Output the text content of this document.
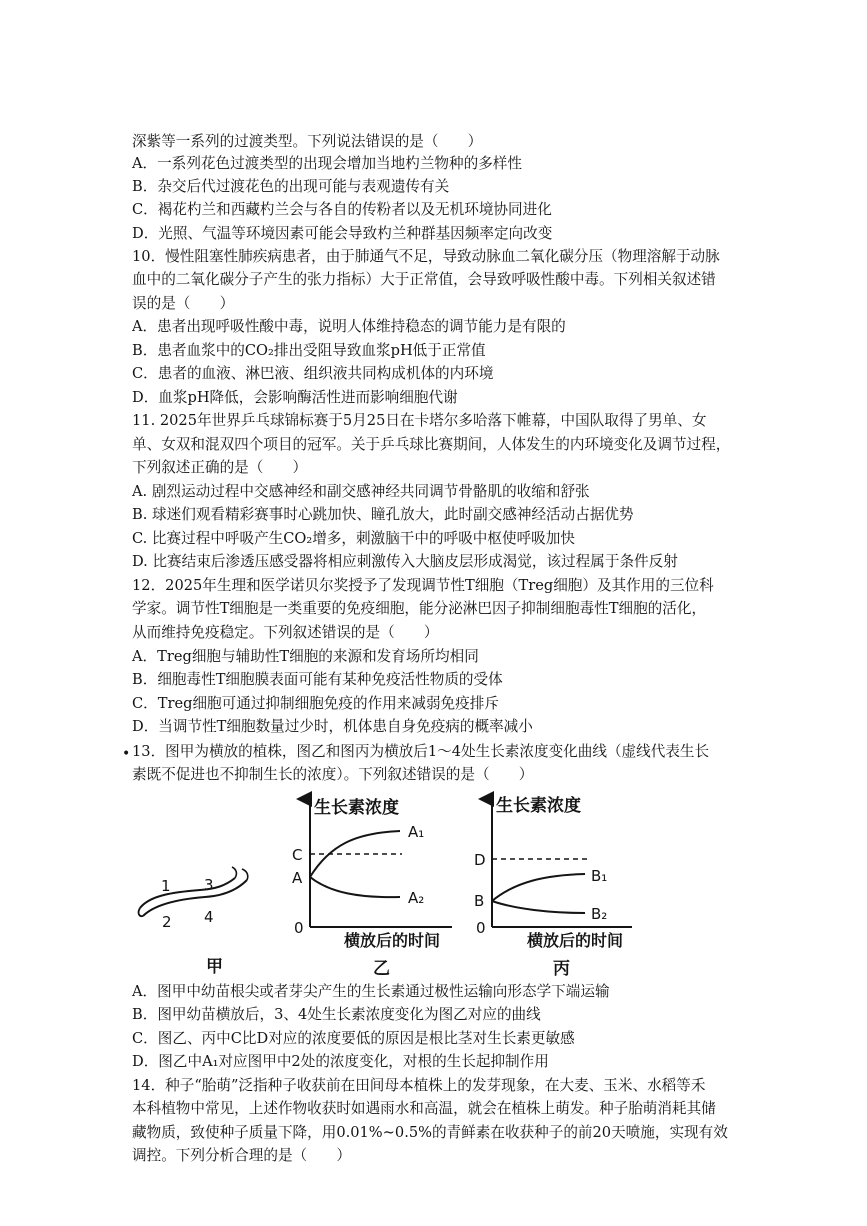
深紫等一系列的过渡类型。下列说法错误的是（　　）
A．一系列花色过渡类型的出现会增加当地杓兰物种的多样性
B．杂交后代过渡花色的出现可能与表观遗传有关
C．褐花杓兰和西藏杓兰会与各自的传粉者以及无机环境协同进化
D．光照、气温等环境因素可能会导致杓兰种群基因频率定向改变
10．慢性阻塞性肺疾病患者，由于肺通气不足，导致动脉血二氧化碳分压（物理溶解于动脉
血中的二氧化碳分子产生的张力指标）大于正常值，会导致呼吸性酸中毒。下列相关叙述错
误的是（　　）
A．患者出现呼吸性酸中毒，说明人体维持稳态的调节能力是有限的
B．患者血浆中的CO₂排出受阻导致血浆pH低于正常值
C．患者的血液、淋巴液、组织液共同构成机体的内环境
D．血浆pH降低，会影响酶活性进而影响细胞代谢
11. 2025年世界乒乓球锦标赛于5月25日在卡塔尔多哈落下帷幕，中国队取得了男单、女
单、女双和混双四个项目的冠军。关于乒乓球比赛期间，人体发生的内环境变化及调节过程，
下列叙述正确的是（　　）
A. 剧烈运动过程中交感神经和副交感神经共同调节骨骼肌的收缩和舒张
B. 球迷们观看精彩赛事时心跳加快、瞳孔放大，此时副交感神经活动占据优势
C. 比赛过程中呼吸产生CO₂增多，刺激脑干中的呼吸中枢使呼吸加快
D. 比赛结束后渗透压感受器将相应刺激传入大脑皮层形成渴觉，该过程属于条件反射
12．2025年生理和医学诺贝尔奖授予了发现调节性T细胞（Treg细胞）及其作用的三位科
学家。调节性T细胞是一类重要的免疫细胞，能分泌淋巴因子抑制细胞毒性T细胞的活化，
从而维持免疫稳定。下列叙述错误的是（　　）
A．Treg细胞与辅助性T细胞的来源和发育场所均相同
B．细胞毒性T细胞膜表面可能有某种免疫活性物质的受体
C．Treg细胞可通过抑制细胞免疫的作用来减弱免疫排斥
D．当调节性T细胞数量过少时，机体患自身免疫病的概率减小
• 13．图甲为横放的植株，图乙和图丙为横放后1～4处生长素浓度变化曲线（虚线代表生长
素既不促进也不抑制生长的浓度）。下列叙述错误的是（　　）
1 3
2 4
甲
生长素浓度
C
A
A₁
A₂
0
横放后的时间
乙
生长素浓度
D
B
B₁
B₂
0
横放后的时间
丙
A．图甲中幼苗根尖或者芽尖产生的生长素通过极性运输向形态学下端运输
B．图甲幼苗横放后，3、4处生长素浓度变化为图乙对应的曲线
C．图乙、丙中C比D对应的浓度要低的原因是根比茎对生长素更敏感
D．图乙中A₁对应图甲中2处的浓度变化，对根的生长起抑制作用
14．种子“胎萌”泛指种子收获前在田间母本植株上的发芽现象，在大麦、玉米、水稻等禾
本科植物中常见，上述作物收获时如遇雨水和高温，就会在植株上萌发。种子胎萌消耗其储
藏物质，致使种子质量下降，用0.01%~0.5%的青鲜素在收获种子的前20天喷施，实现有效
调控。下列分析合理的是（　　）
